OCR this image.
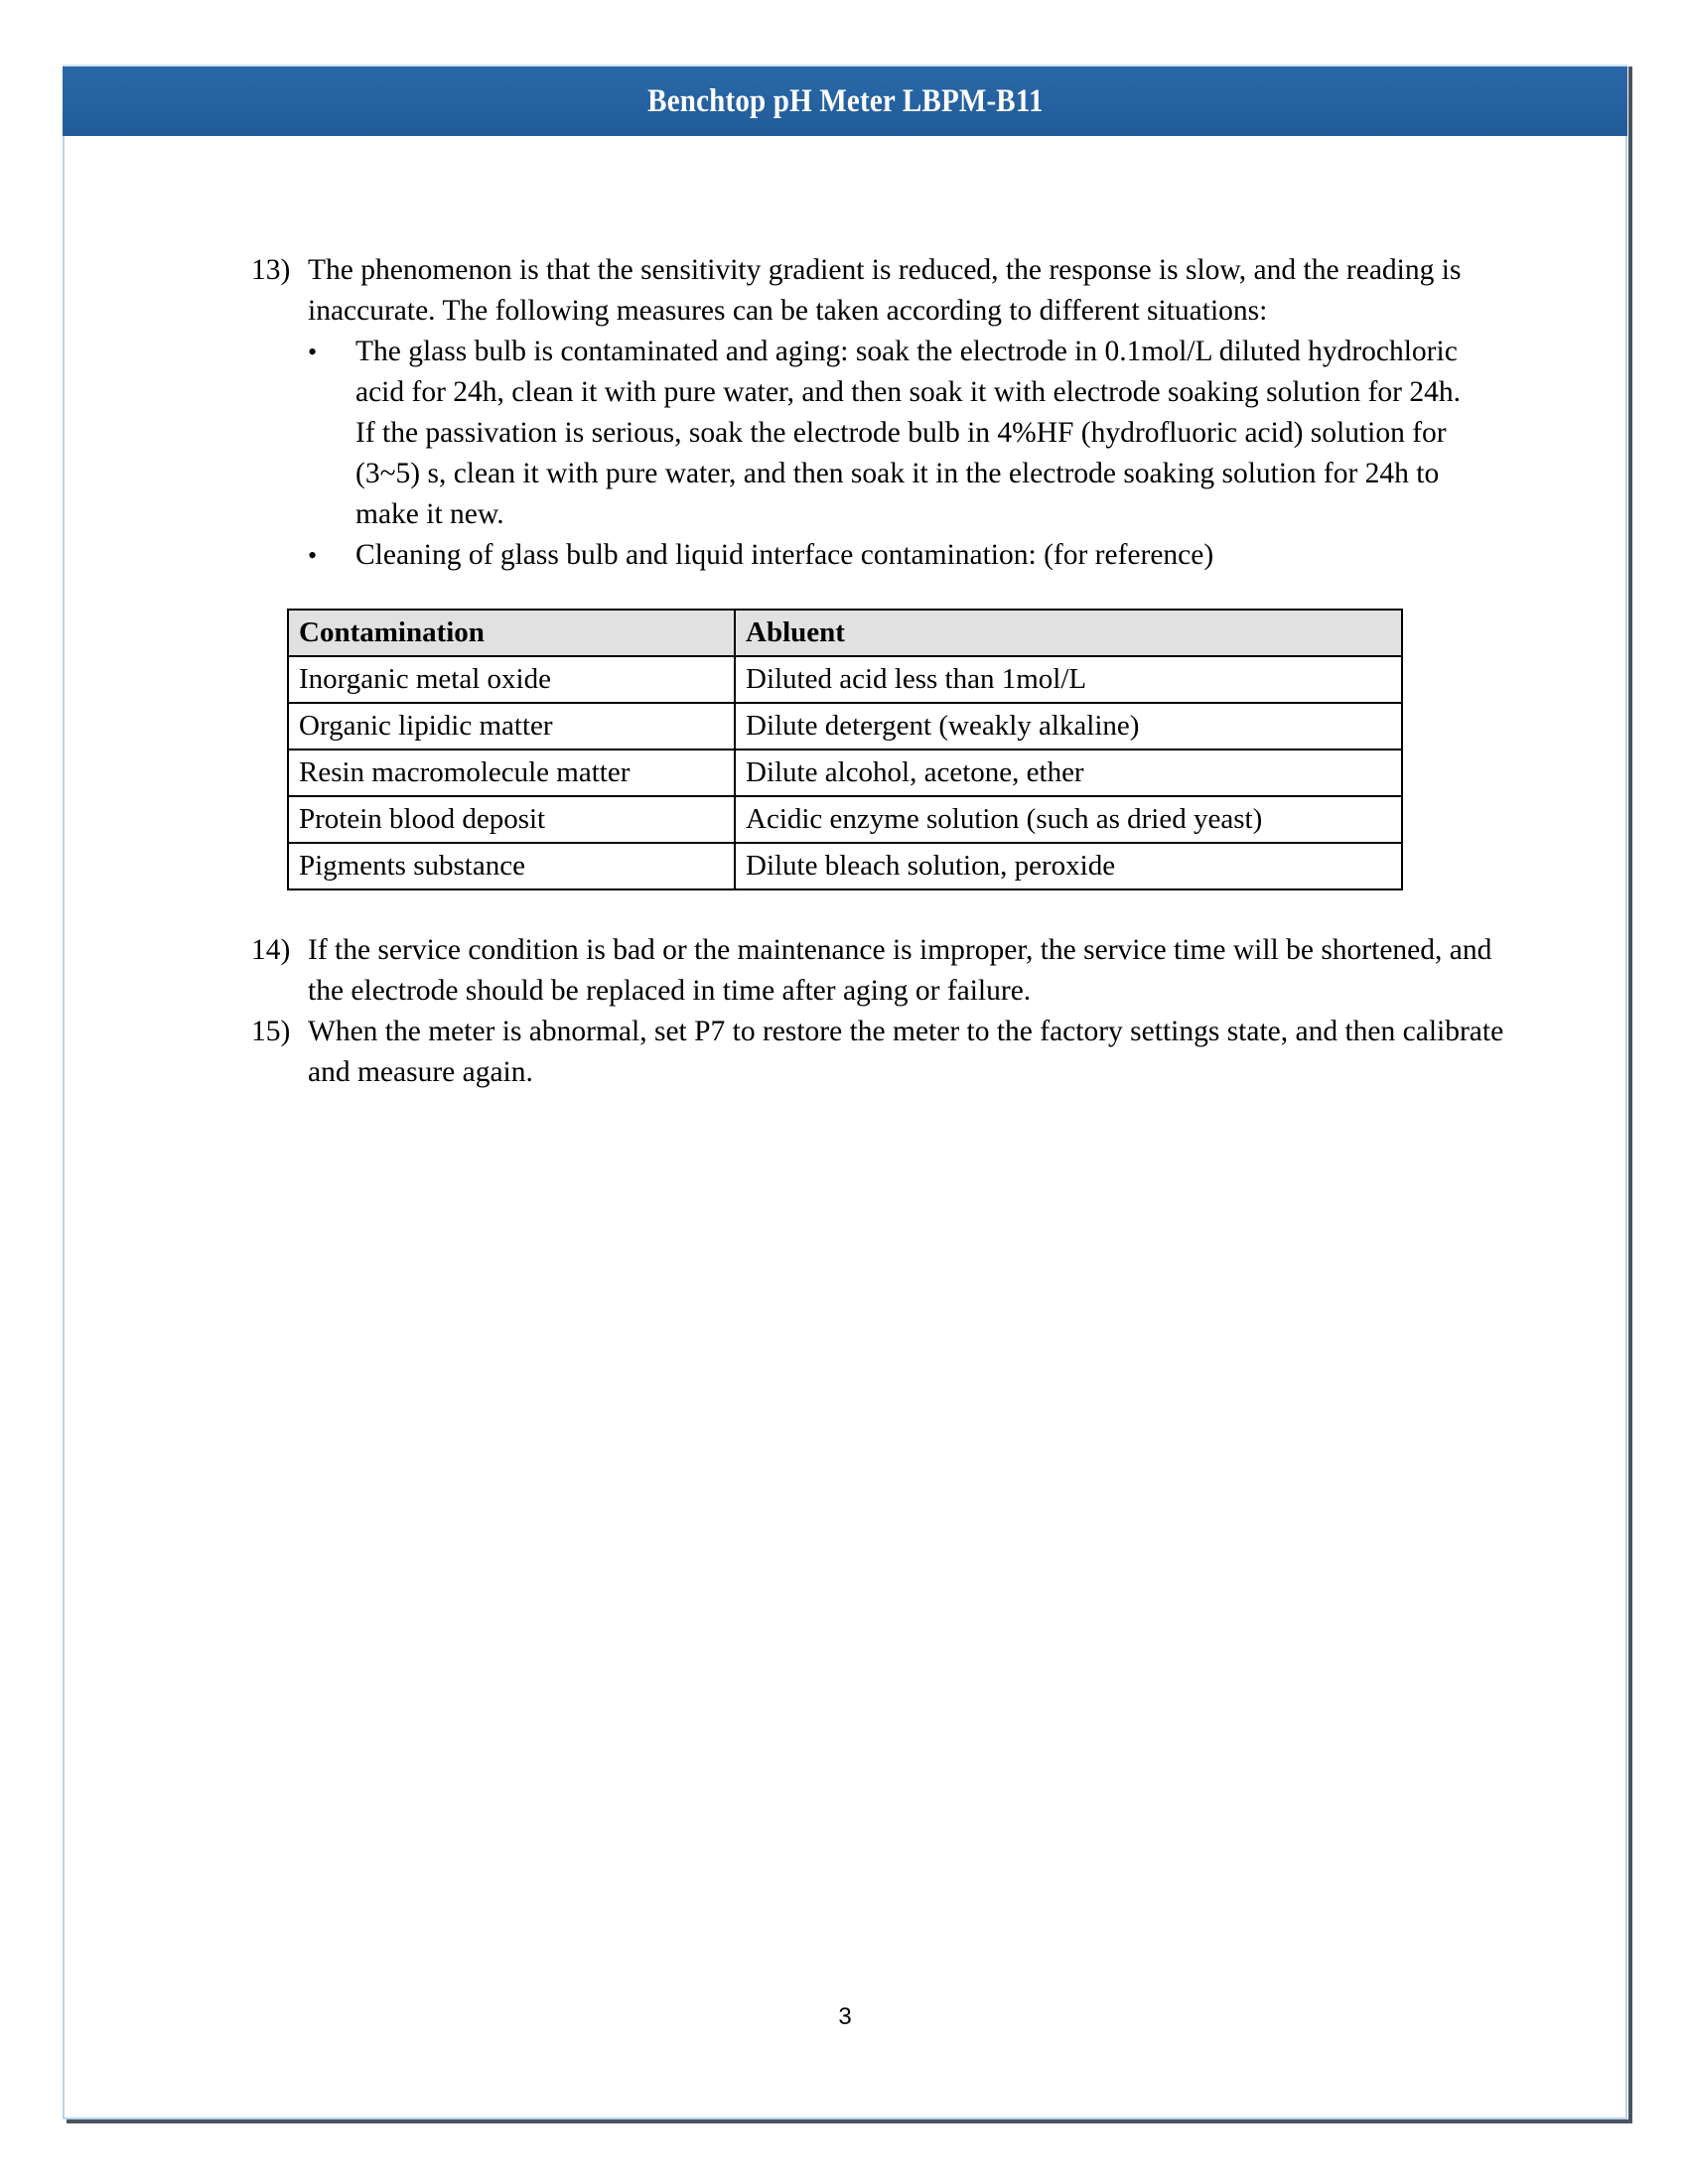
Benchtop pH Meter LBPM-B11
13) The phenomenon is that the sensitivity gradient is reduced, the response is slow, and the reading is inaccurate. The following measures can be taken according to different situations:
•	The glass bulb is contaminated and aging: soak the electrode in 0.1mol/L diluted hydrochloric acid for 24h, clean it with pure water, and then soak it with electrode soaking solution for 24h. If the passivation is serious, soak the electrode bulb in 4%HF (hydrofluoric acid) solution for (3~5) s, clean it with pure water, and then soak it in the electrode soaking solution for 24h to make it new.
•	Cleaning of glass bulb and liquid interface contamination: (for reference)
Contamination	Abluent
Inorganic metal oxide	Diluted acid less than 1mol/L
Organic lipidic matter	Dilute detergent (weakly alkaline)
Resin macromolecule matter	Dilute alcohol, acetone, ether
Protein blood deposit	Acidic enzyme solution (such as dried yeast)
Pigments substance	Dilute bleach solution, peroxide
14) If the service condition is bad or the maintenance is improper, the service time will be shortened, and the electrode should be replaced in time after aging or failure.
15) When the meter is abnormal, set P7 to restore the meter to the factory settings state, and then calibrate and measure again.
3
